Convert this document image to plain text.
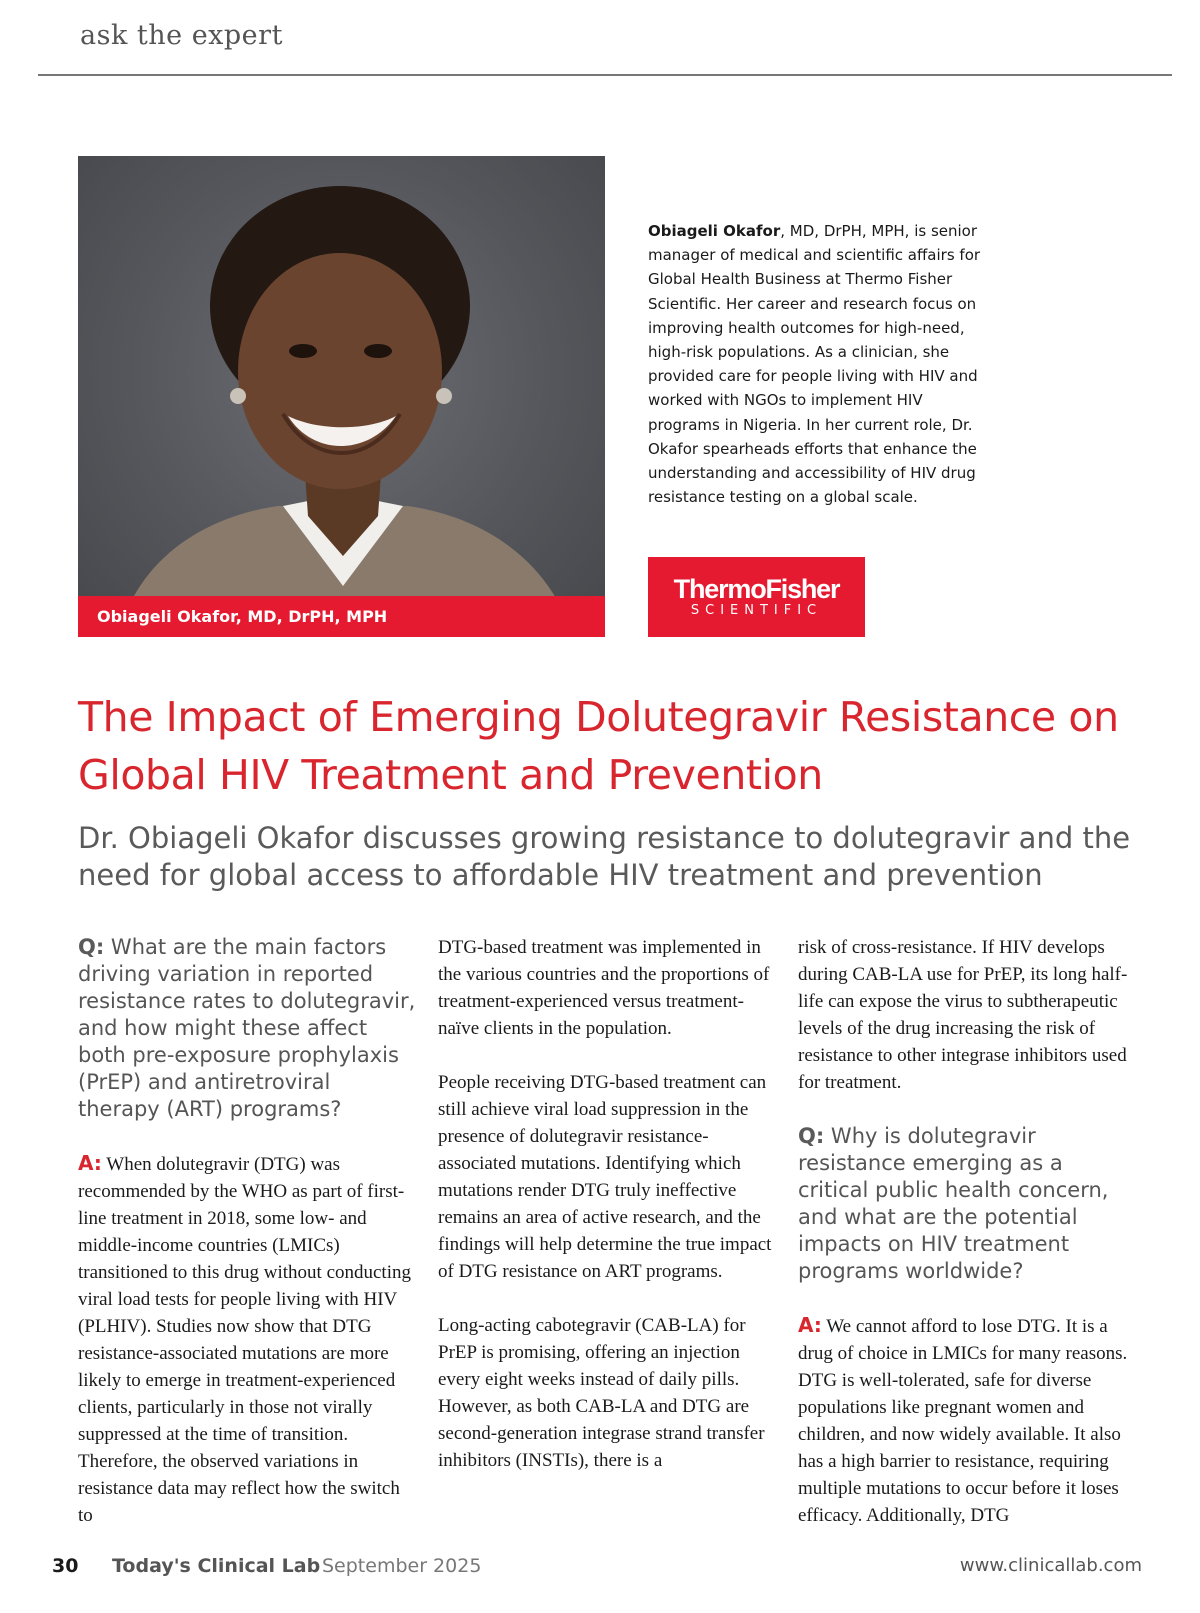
ask the expert
Obiageli Okafor, MD, DrPH, MPH
Obiageli Okafor, MD, DrPH, MPH, is senior manager of medical and scientific affairs for Global Health Business at Thermo Fisher Scientific. Her career and research focus on improving health outcomes for high-need, high-risk populations. As a clinician, she provided care for people living with HIV and worked with NGOs to implement HIV programs in Nigeria. In her current role, Dr. Okafor spearheads efforts that enhance the understanding and accessibility of HIV drug resistance testing on a global scale.
ThermoFisher
SCIENTIFIC
The Impact of Emerging Dolutegravir Resistance on Global HIV Treatment and Prevention

Dr. Obiageli Okafor discusses growing resistance to dolutegravir and the need for global access to affordable HIV treatment and prevention

Q: What are the main factors driving variation in reported resistance rates to dolutegravir, and how might these affect both pre-exposure prophylaxis (PrEP) and antiretroviral therapy (ART) programs?

A: When dolutegravir (DTG) was recommended by the WHO as part of first-line treatment in 2018, some low- and middle-income countries (LMICs) transitioned to this drug without conducting viral load tests for people living with HIV (PLHIV). Studies now show that DTG resistance-associated mutations are more likely to emerge in treatment-experienced clients, particularly in those not virally suppressed at the time of transition. Therefore, the observed variations in resistance data may reflect how the switch to

DTG-based treatment was implemented in the various countries and the proportions of treatment-experienced versus treatment-naïve clients in the population.

People receiving DTG-based treatment can still achieve viral load suppression in the presence of dolutegravir resistance-associated mutations. Identifying which mutations render DTG truly ineffective remains an area of active research, and the findings will help determine the true impact of DTG resistance on ART programs.

Long-acting cabotegravir (CAB-LA) for PrEP is promising, offering an injection every eight weeks instead of daily pills. However, as both CAB-LA and DTG are second-generation integrase strand transfer inhibitors (INSTIs), there is a

risk of cross-resistance. If HIV develops during CAB-LA use for PrEP, its long half-life can expose the virus to subtherapeutic levels of the drug increasing the risk of resistance to other integrase inhibitors used for treatment.

Q: Why is dolutegravir resistance emerging as a critical public health concern, and what are the potential impacts on HIV treatment programs worldwide?

A: We cannot afford to lose DTG. It is a drug of choice in LMICs for many reasons. DTG is well-tolerated, safe for diverse populations like pregnant women and children, and now widely available. It also has a high barrier to resistance, requiring multiple mutations to occur before it loses efficacy. Additionally, DTG

30 Today's Clinical Lab September 2025	www.clinicallab.com
